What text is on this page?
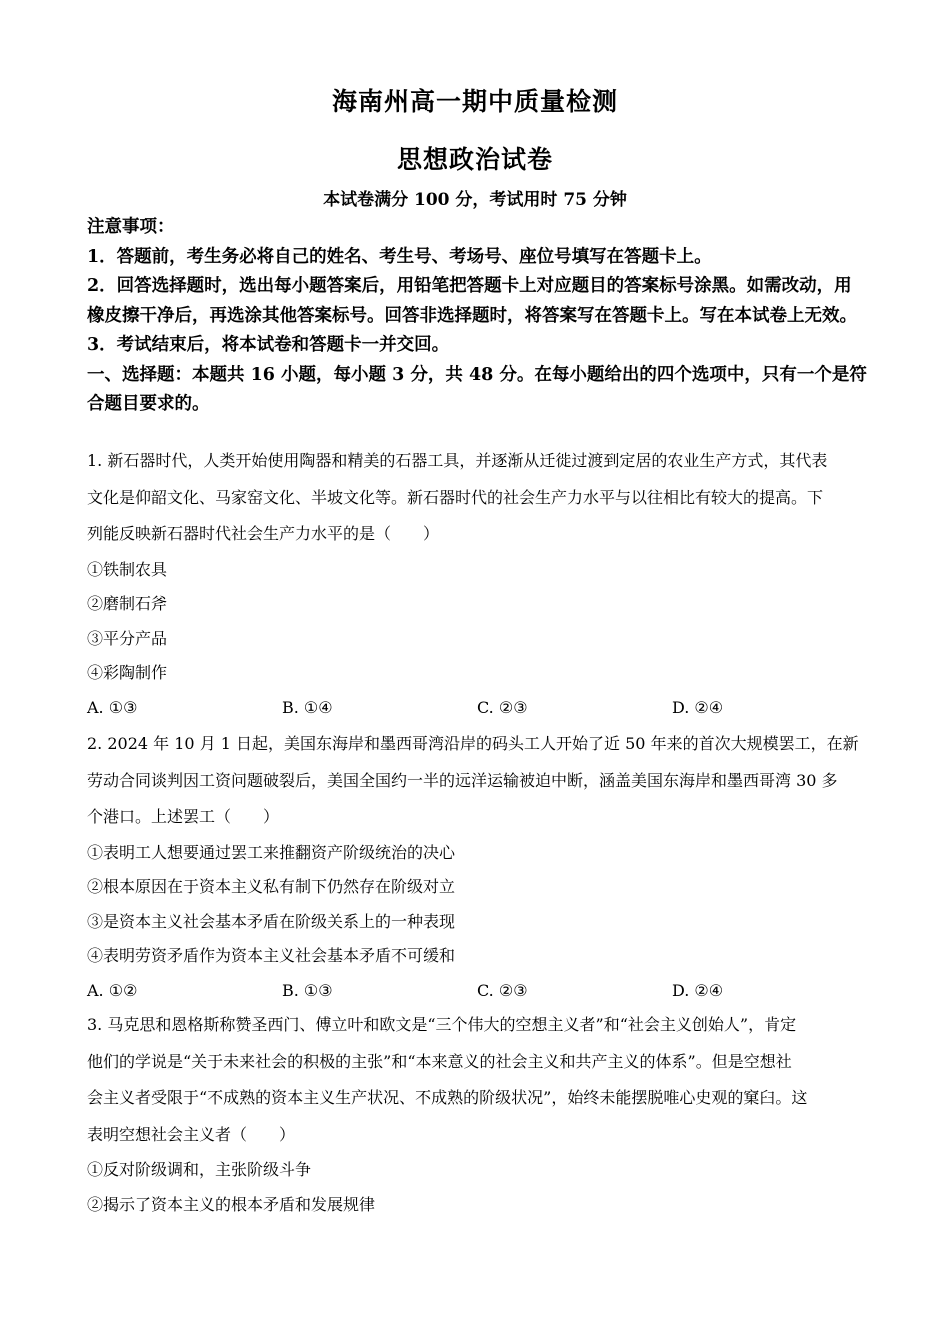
海南州高一期中质量检测
思想政治试卷
本试卷满分 100 分，考试用时 75 分钟

注意事项：

1．答题前，考生务必将自己的姓名、考生号、考场号、座位号填写在答题卡上。

2．回答选择题时，选出每小题答案后，用铅笔把答题卡上对应题目的答案标号涂黑。如需改动，用橡皮擦干净后，再选涂其他答案标号。回答非选择题时，将答案写在答题卡上。写在本试卷上无效。

3．考试结束后，将本试卷和答题卡一并交回。

一、选择题：本题共 16 小题，每小题 3 分，共 48 分。在每小题给出的四个选项中，只有一个是符合题目要求的。

1. 新石器时代，人类开始使用陶器和精美的石器工具，并逐渐从迁徙过渡到定居的农业生产方式，其代表

文化是仰韶文化、马家窑文化、半坡文化等。新石器时代的社会生产力水平与以往相比有较大的提高。下

列能反映新石器时代社会生产力水平的是（　　）

①铁制农具

②磨制石斧

③平分产品

④彩陶制作

A. ①③	B. ①④	C. ②③	D. ②④

2. 2024 年 10 月 1 日起，美国东海岸和墨西哥湾沿岸的码头工人开始了近 50 年来的首次大规模罢工，在新

劳动合同谈判因工资问题破裂后，美国全国约一半的远洋运输被迫中断，涵盖美国东海岸和墨西哥湾 30 多

个港口。上述罢工（　　）

①表明工人想要通过罢工来推翻资产阶级统治的决心

②根本原因在于资本主义私有制下仍然存在阶级对立

③是资本主义社会基本矛盾在阶级关系上的一种表现

④表明劳资矛盾作为资本主义社会基本矛盾不可缓和

A. ①②	B. ①③	C. ②③	D. ②④

3. 马克思和恩格斯称赞圣西门、傅立叶和欧文是“三个伟大的空想主义者”和“社会主义创始人”，肯定

他们的学说是“关于未来社会的积极的主张”和“本来意义的社会主义和共产主义的体系”。但是空想社

会主义者受限于“不成熟的资本主义生产状况、不成熟的阶级状况”，始终未能摆脱唯心史观的窠臼。这

表明空想社会主义者（　　）

①反对阶级调和，主张阶级斗争

②揭示了资本主义的根本矛盾和发展规律
